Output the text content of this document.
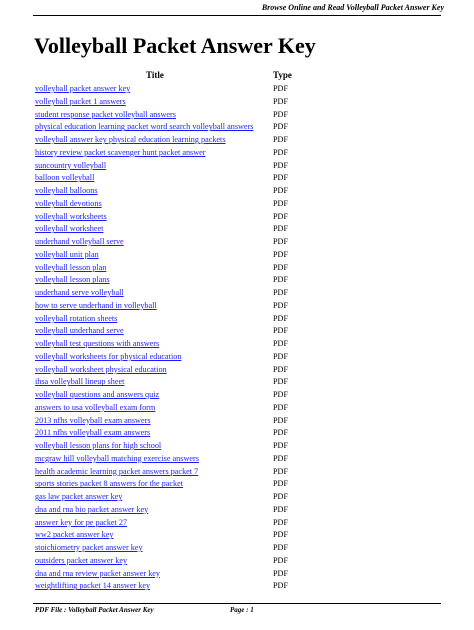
Browse Online and Read Volleyball Packet Answer Key
Volleyball Packet Answer Key
Title	Type
volleyball packet answer key	PDF
volleyball packet 1 answers	PDF
student response packet volleyball answers	PDF
physical education learning packet word search volleyball answers PDF
volleyball answer key physical education learning packets	PDF
history review packet scavenger hunt packet answer	PDF
suncountry volleyball	PDF
balloon volleyball	PDF
volleyball balloons	PDF
volleyball devotions	PDF
volleyball worksheets	PDF
volleyball worksheet	PDF
underhand volleyball serve	PDF
volleyball unit plan	PDF
volleyball lesson plan	PDF
volleyball lesson plans	PDF
underhand serve volleyball	PDF
how to serve underhand in volleyball	PDF
volleyball rotation sheets	PDF
volleyball underhand serve	PDF
volleyball test questions with answers	PDF
volleyball worksheets for physical education	PDF
volleyball worksheet physical education	PDF
ihsa volleyball lineup sheet	PDF
volleyball questions and answers quiz	PDF
answers to usa volleyball exam form	PDF
2013 nfhs volleyball exam answers	PDF
2011 nfhs volleyball exam answers	PDF
volleyball lesson plans for high school	PDF
mcgraw hill volleyball matching exercise answers	PDF
health academic learning packet answers packet 7	PDF
sports stories packet 8 answers for the packet	PDF
gas law packet answer key	PDF
dna and rna bio packet answer key	PDF
answer key for pe packet 27	PDF
ww2 packet answer key	PDF
stoichiometry packet answer key	PDF
outsiders packet answer key	PDF
dna and rna review packet answer key	PDF
weightlifting packet 14 answer key	PDF
PDF File : Volleyball Packet Answer Key	Page : 1
